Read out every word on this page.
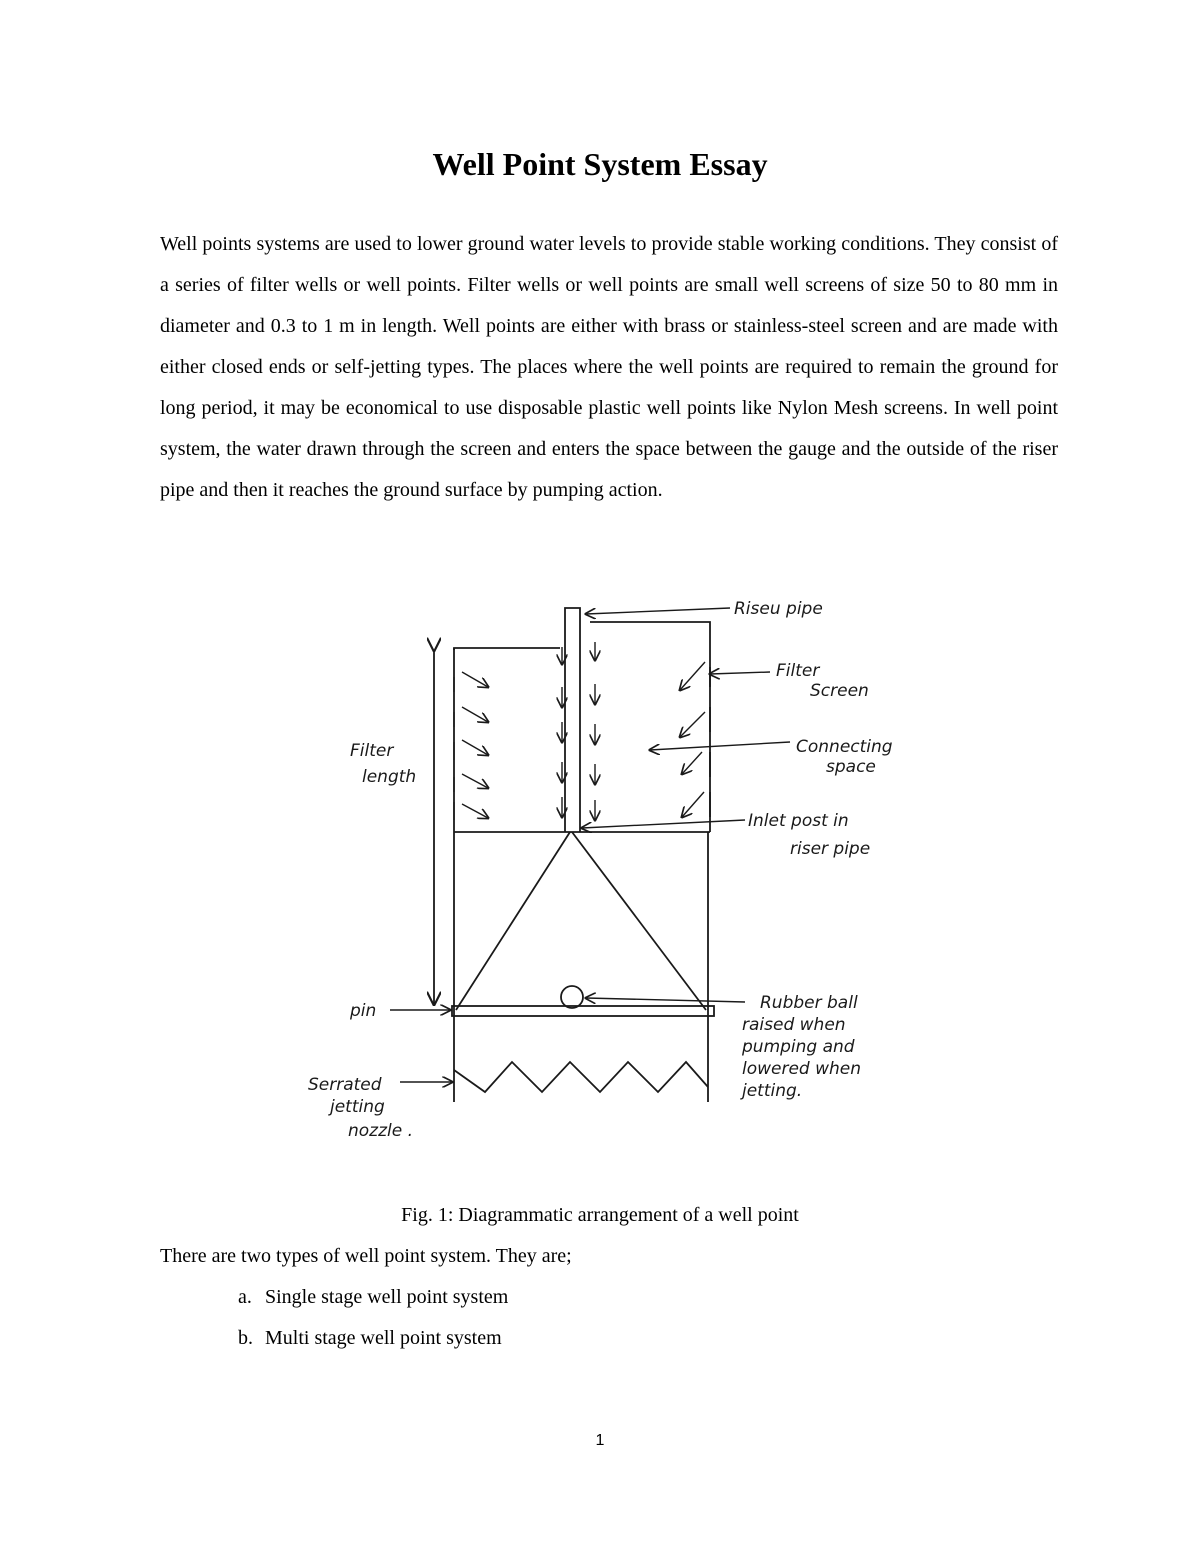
Well Point System Essay

Well points systems are used to lower ground water levels to provide stable working conditions. They consist of a series of filter wells or well points. Filter wells or well points are small well screens of size 50 to 80 mm in diameter and 0.3 to 1 m in length. Well points are either with brass or stainless-steel screen and are made with either closed ends or self-jetting types. The places where the well points are required to remain the ground for long period, it may be economical to use disposable plastic well points like Nylon Mesh screens. In well point system, the water drawn through the screen and enters the space between the gauge and the outside of the riser pipe and then it reaches the ground surface by pumping action.

Riseu pipe
Filter
Screen
Connecting
space
Inlet post in
riser pipe
Filter
length
pin	Rubber ball
raised when
pumping and
lowered when
jetting.
Serrated
jetting
nozzle .
Fig. 1: Diagrammatic arrangement of a well point
There are two types of well point system. They are;
a. Single stage well point system
b. Multi stage well point system
1
